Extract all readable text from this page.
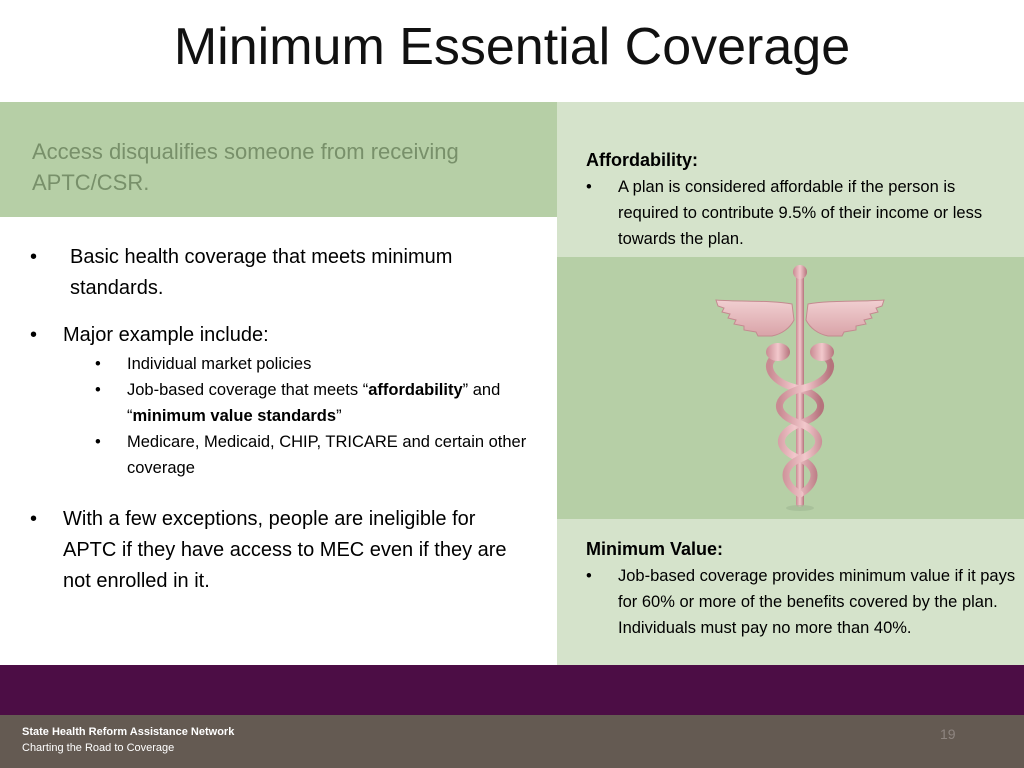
Minimum Essential Coverage
Access disqualifies someone from receiving APTC/CSR.
• Basic health coverage that meets minimum standards.
• Major example include:
• Individual market policies
• Job-based coverage that meets “affordability” and “minimum value standards”
• Medicare, Medicaid, CHIP, TRICARE and certain other coverage
• With a few exceptions, people are ineligible for APTC if they have access to MEC even if they are not enrolled in it.
Affordability:
• A plan is considered affordable if the person is required to contribute 9.5% of their income or less towards the plan.
Minimum Value:
• Job-based coverage provides minimum value if it pays for 60% or more of the benefits covered by the plan. Individuals must pay no more than 40%.
State Health Reform Assistance Network
Charting the Road to Coverage
19
